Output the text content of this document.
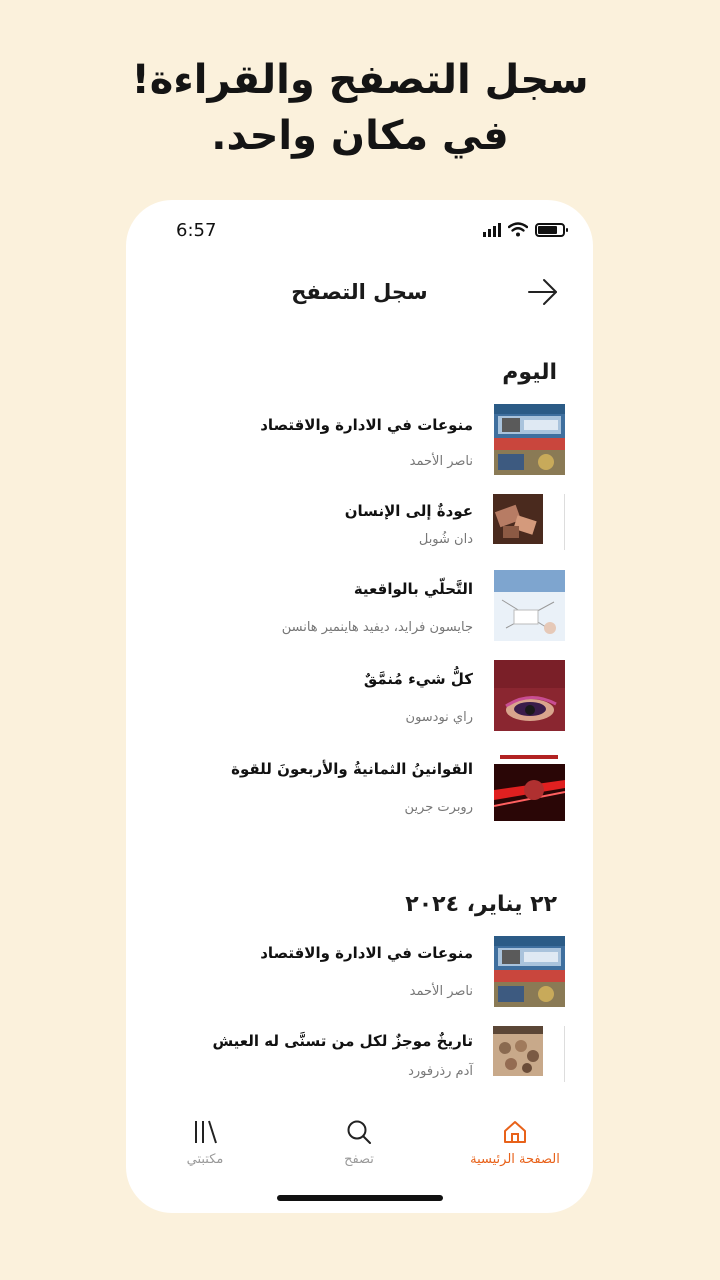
سجل التصفح والقراءة!
في مكان واحد.
6:57
سجل التصفح
اليوم
منوعات في الادارة والاقتصاد
ناصر الأحمد
عودةٌ إلى الإنسان
دان شُوبل
التَّحلّي بالواقعية
جايسون فرايد، ديفيد هاينمير هانسن
كلُّ شيء مُنمَّقٌ
راي نودسون
القوانينُ الثمانيةُ والأربعونَ للقوة
روبرت جرين
٢٢ يناير، ٢٠٢٤
منوعات في الادارة والاقتصاد
ناصر الأحمد
تاريخٌ موجزٌ لكل من تسنَّى له العيش
آدم رذرفورد
الصفحة الرئيسية
تصفح
مكتبتي
